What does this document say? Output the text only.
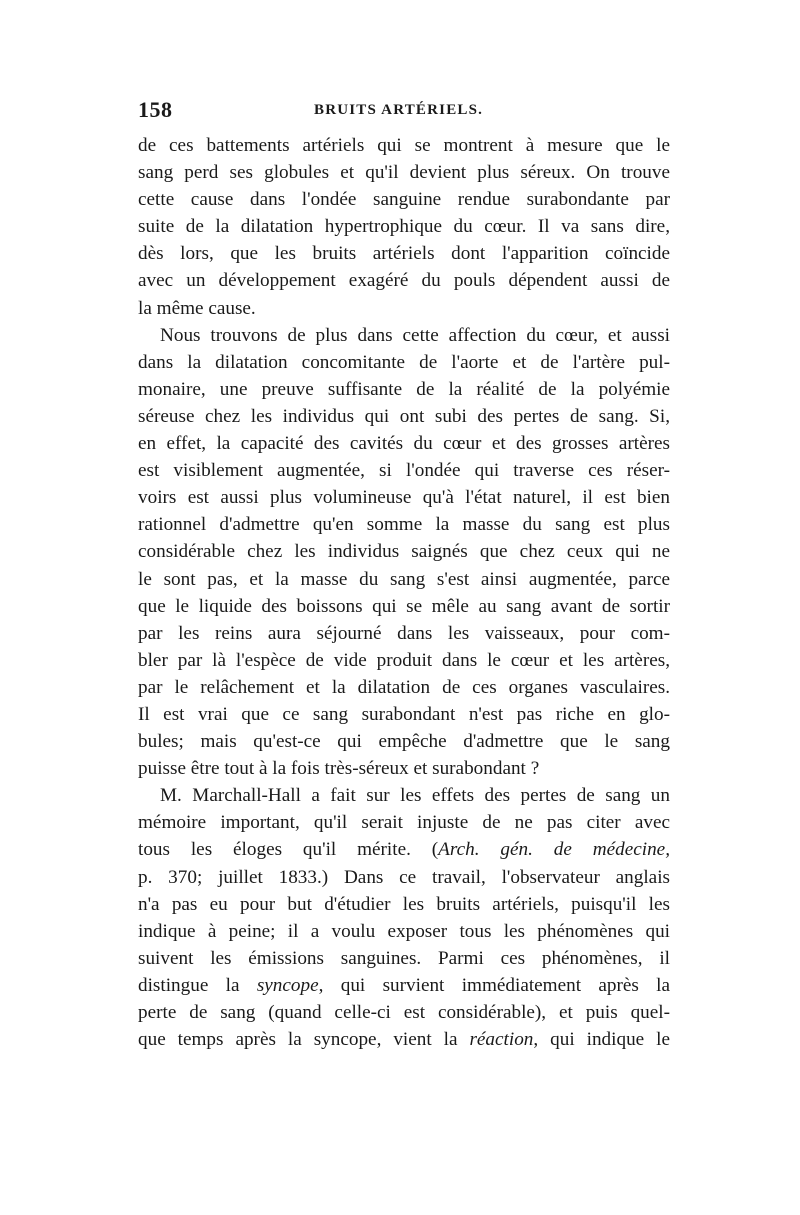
158	BRUITS ARTÉRIELS.
de ces battements artériels qui se montrent à mesure que le
sang perd ses globules et qu'il devient plus séreux. On trouve
cette cause dans l'ondée sanguine rendue surabondante par
suite de la dilatation hypertrophique du cœur. Il va sans dire,
dès lors, que les bruits artériels dont l'apparition coïncide
avec un développement exagéré du pouls dépendent aussi de
la même cause.
Nous trouvons de plus dans cette affection du cœur, et aussi
dans la dilatation concomitante de l'aorte et de l'artère pul-
monaire, une preuve suffisante de la réalité de la polyémie
séreuse chez les individus qui ont subi des pertes de sang. Si,
en effet, la capacité des cavités du cœur et des grosses artères
est visiblement augmentée, si l'ondée qui traverse ces réser-
voirs est aussi plus volumineuse qu'à l'état naturel, il est bien
rationnel d'admettre qu'en somme la masse du sang est plus
considérable chez les individus saignés que chez ceux qui ne
le sont pas, et la masse du sang s'est ainsi augmentée, parce
que le liquide des boissons qui se mêle au sang avant de sortir
par les reins aura séjourné dans les vaisseaux, pour com-
bler par là l'espèce de vide produit dans le cœur et les artères,
par le relâchement et la dilatation de ces organes vasculaires.
Il est vrai que ce sang surabondant n'est pas riche en glo-
bules; mais qu'est-ce qui empêche d'admettre que le sang
puisse être tout à la fois très-séreux et surabondant ?
M. Marchall-Hall a fait sur les effets des pertes de sang un
mémoire important, qu'il serait injuste de ne pas citer avec
tous les éloges qu'il mérite. (Arch. gén. de médecine,
p. 370; juillet 1833.) Dans ce travail, l'observateur anglais
n'a pas eu pour but d'étudier les bruits artériels, puisqu'il les
indique à peine; il a voulu exposer tous les phénomènes qui
suivent les émissions sanguines. Parmi ces phénomènes, il
distingue la syncope, qui survient immédiatement après la
perte de sang (quand celle-ci est considérable), et puis quel-
que temps après la syncope, vient la réaction, qui indique le
